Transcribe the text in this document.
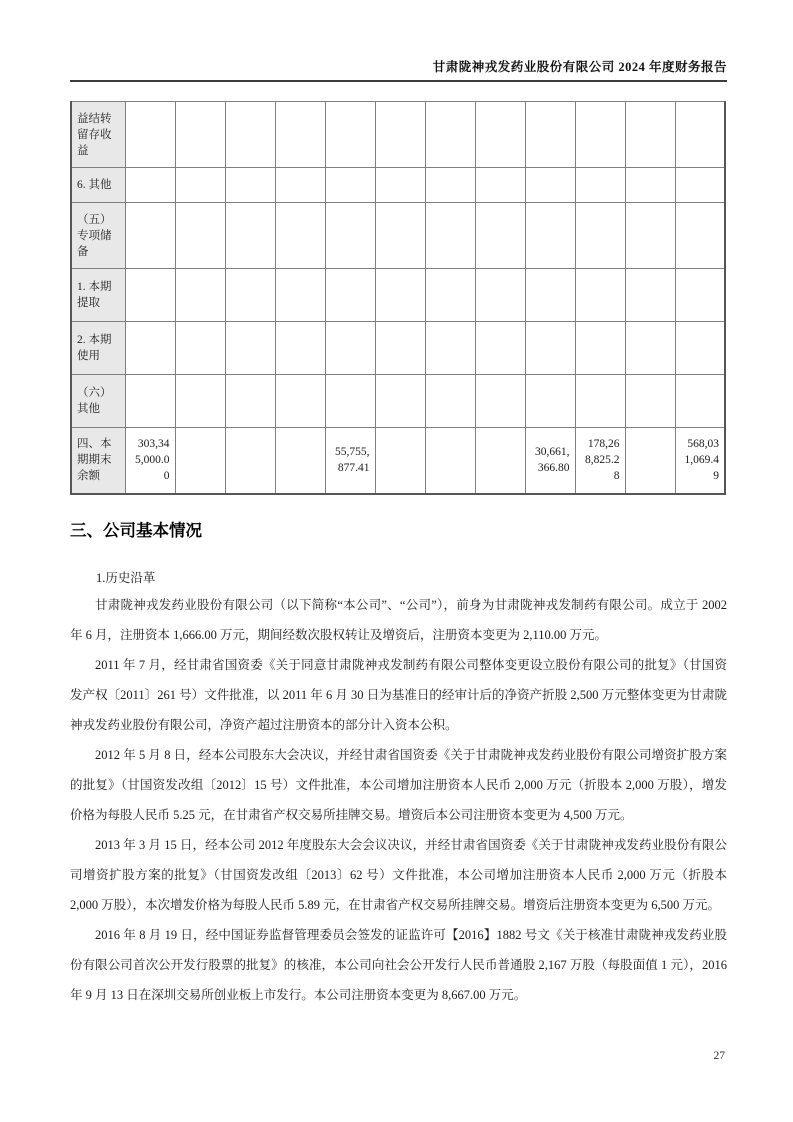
甘肃陇神戎发药业股份有限公司 2024 年度财务报告
益结转留存收益												
6. 其他												
（五）专项储备												
1. 本期提取												
2. 本期使用												
（六）其他												
四、本期期末余额	303,345,000.00				55,755,877.41				30,661,366.80	178,268,825.28		568,031,069.49
三、公司基本情况
1.历史沿革

甘肃陇神戎发药业股份有限公司（以下简称“本公司”、“公司”），前身为甘肃陇神戎发制药有限公司。成立于 2002 年 6 月，注册资本 1,666.00 万元，期间经数次股权转让及增资后，注册资本变更为 2,110.00 万元。

2011 年 7 月，经甘肃省国资委《关于同意甘肃陇神戎发制药有限公司整体变更设立股份有限公司的批复》（甘国资发产权〔2011〕261 号）文件批准，以 2011 年 6 月 30 日为基准日的经审计后的净资产折股 2,500 万元整体变更为甘肃陇神戎发药业股份有限公司，净资产超过注册资本的部分计入资本公积。

2012 年 5 月 8 日，经本公司股东大会决议，并经甘肃省国资委《关于甘肃陇神戎发药业股份有限公司增资扩股方案的批复》（甘国资发改组〔2012〕15 号）文件批准，本公司增加注册资本人民币 2,000 万元（折股本 2,000 万股），增发价格为每股人民币 5.25 元，在甘肃省产权交易所挂牌交易。增资后本公司注册资本变更为 4,500 万元。

2013 年 3 月 15 日，经本公司 2012 年度股东大会会议决议，并经甘肃省国资委《关于甘肃陇神戎发药业股份有限公司增资扩股方案的批复》（甘国资发改组〔2013〕62 号）文件批准，本公司增加注册资本人民币 2,000 万元（折股本 2,000 万股），本次增发价格为每股人民币 5.89 元，在甘肃省产权交易所挂牌交易。增资后注册资本变更为 6,500 万元。

2016 年 8 月 19 日，经中国证券监督管理委员会签发的证监许可【2016】1882 号文《关于核准甘肃陇神戎发药业股份有限公司首次公开发行股票的批复》的核准，本公司向社会公开发行人民币普通股 2,167 万股（每股面值 1 元），2016 年 9 月 13 日在深圳交易所创业板上市发行。本公司注册资本变更为 8,667.00 万元。

27
